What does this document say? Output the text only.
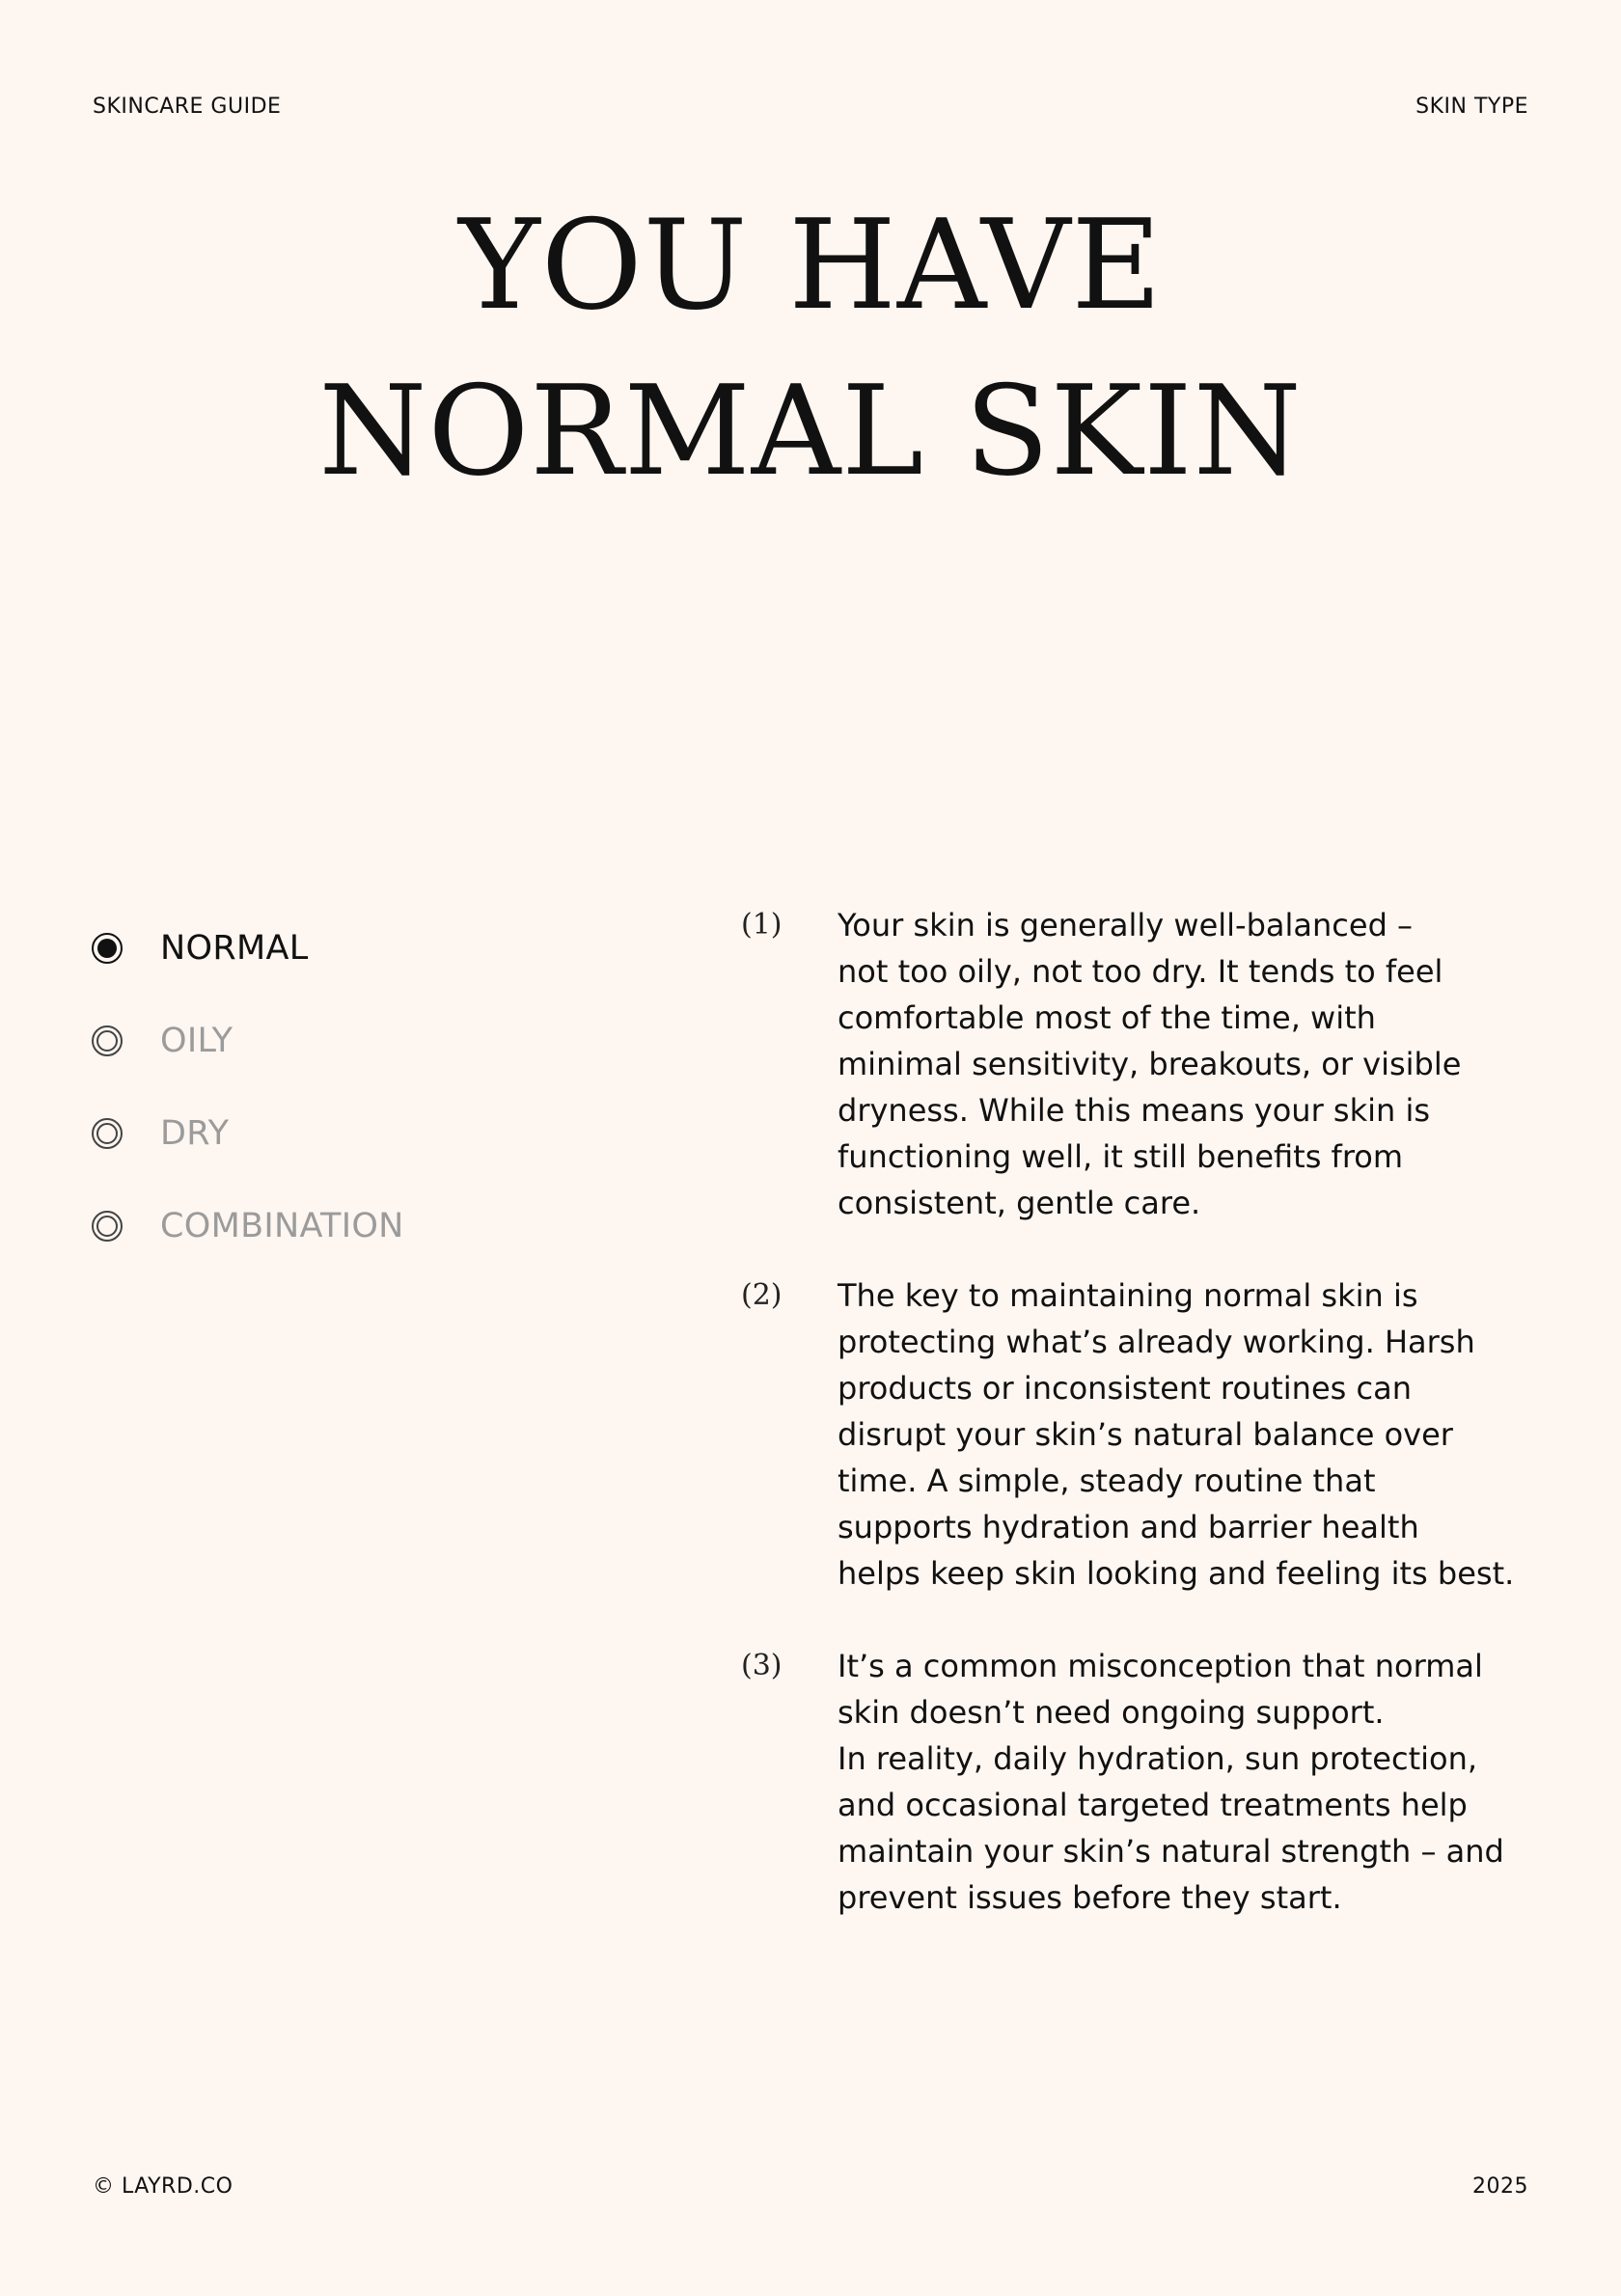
SKINCARE GUIDE	SKIN TYPE
YOU HAVE
NORMAL SKIN
NORMAL
OILY
DRY
COMBINATION
(1)	Your skin is generally well-balanced –
not too oily, not too dry. It tends to feel
comfortable most of the time, with
minimal sensitivity, breakouts, or visible
dryness. While this means your skin is
functioning well, it still benefits from
consistent, gentle care.
(2)	The key to maintaining normal skin is
protecting what’s already working. Harsh
products or inconsistent routines can
disrupt your skin’s natural balance over
time. A simple, steady routine that
supports hydration and barrier health
helps keep skin looking and feeling its best.
(3)	It’s a common misconception that normal
skin doesn’t need ongoing support.
In reality, daily hydration, sun protection,
and occasional targeted treatments help
maintain your skin’s natural strength – and
prevent issues before they start.
© LAYRD.CO	2025
